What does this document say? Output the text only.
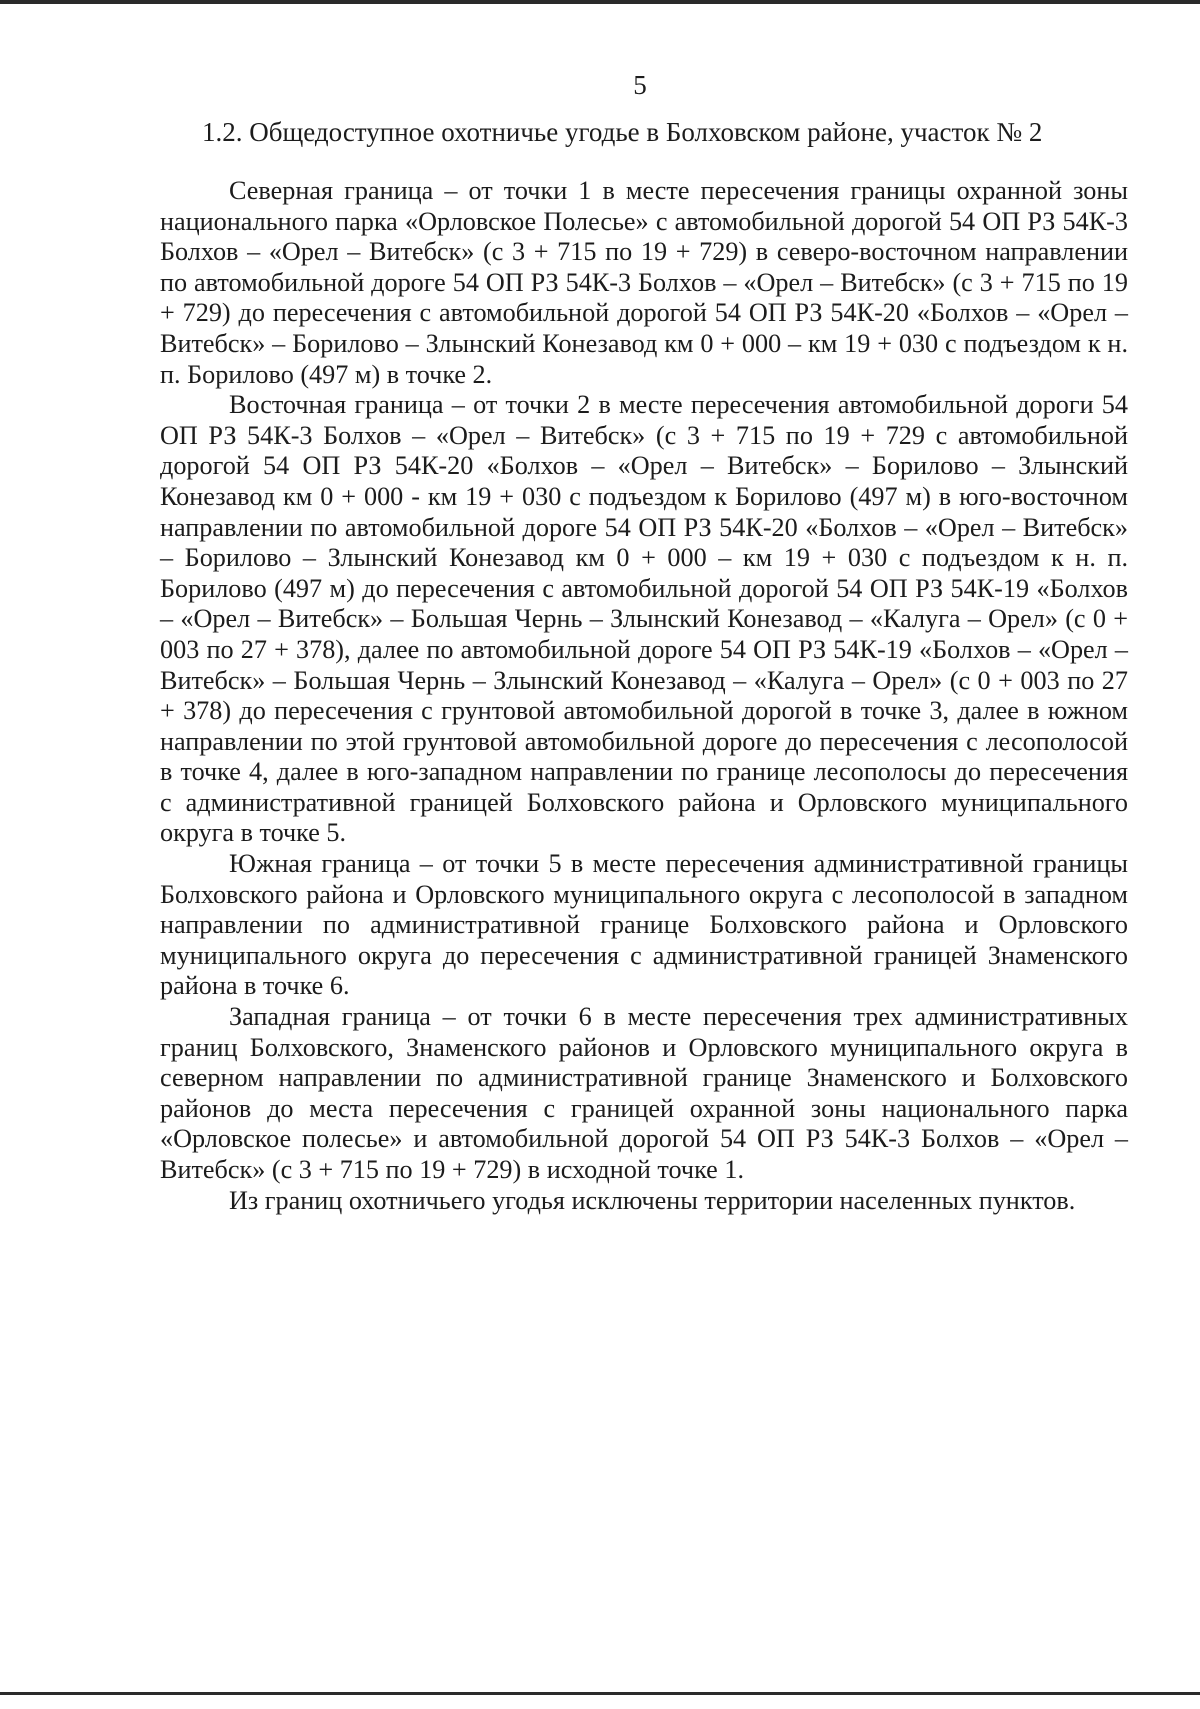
5
1.2. Общедоступное охотничье угодье в Болховском районе, участок № 2

Северная граница – от точки 1 в месте пересечения границы охранной зоны национального парка «Орловское Полесье» с автомобильной дорогой 54 ОП РЗ 54К-3 Болхов – «Орел – Витебск» (с 3 + 715 по 19 + 729) в северо-восточном направлении по автомобильной дороге 54 ОП РЗ 54К-3 Болхов – «Орел – Витебск» (с 3 + 715 по 19 + 729) до пересечения с автомобильной дорогой 54 ОП РЗ 54К-20 «Болхов – «Орел – Витебск» – Борилово – Злынский Конезавод км 0 + 000 – км 19 + 030 с подъездом к н. п. Борилово (497 м) в точке 2.

Восточная граница – от точки 2 в месте пересечения автомобильной дороги 54 ОП РЗ 54К-3 Болхов – «Орел – Витебск» (с 3 + 715 по 19 + 729 с автомобильной дорогой 54 ОП РЗ 54К-20 «Болхов – «Орел – Витебск» – Борилово – Злынский Конезавод км 0 + 000 - км 19 + 030 с подъездом к Борилово (497 м) в юго-восточном направлении по автомобильной дороге 54 ОП РЗ 54К-20 «Болхов – «Орел – Витебск» – Борилово – Злынский Конезавод км 0 + 000 – км 19 + 030 с подъездом к н. п. Борилово (497 м) до пересечения с автомобильной дорогой 54 ОП РЗ 54К-19 «Болхов – «Орел – Витебск» – Большая Чернь – Злынский Конезавод – «Калуга – Орел» (с 0 + 003 по 27 + 378), далее по автомобильной дороге 54 ОП РЗ 54К-19 «Болхов – «Орел – Витебск» – Большая Чернь – Злынский Конезавод – «Калуга – Орел» (с 0 + 003 по 27 + 378) до пересечения с грунтовой автомобильной дорогой в точке 3, далее в южном направлении по этой грунтовой автомобильной дороге до пересечения с лесополосой в точке 4, далее в юго-западном направлении по границе лесополосы до пересечения с административной границей Болховского района и Орловского муниципального округа в точке 5.

Южная граница – от точки 5 в месте пересечения административной границы Болховского района и Орловского муниципального округа с лесополосой в западном направлении по административной границе Болховского района и Орловского муниципального округа до пересечения с административной границей Знаменского района в точке 6.

Западная граница – от точки 6 в месте пересечения трех административных границ Болховского, Знаменского районов и Орловского муниципального округа в северном направлении по административной границе Знаменского и Болховского районов до места пересечения с границей охранной зоны национального парка «Орловское полесье» и автомобильной дорогой 54 ОП РЗ 54К-3 Болхов – «Орел – Витебск» (с 3 + 715 по 19 + 729) в исходной точке 1.

Из границ охотничьего угодья исключены территории населенных пунктов.
